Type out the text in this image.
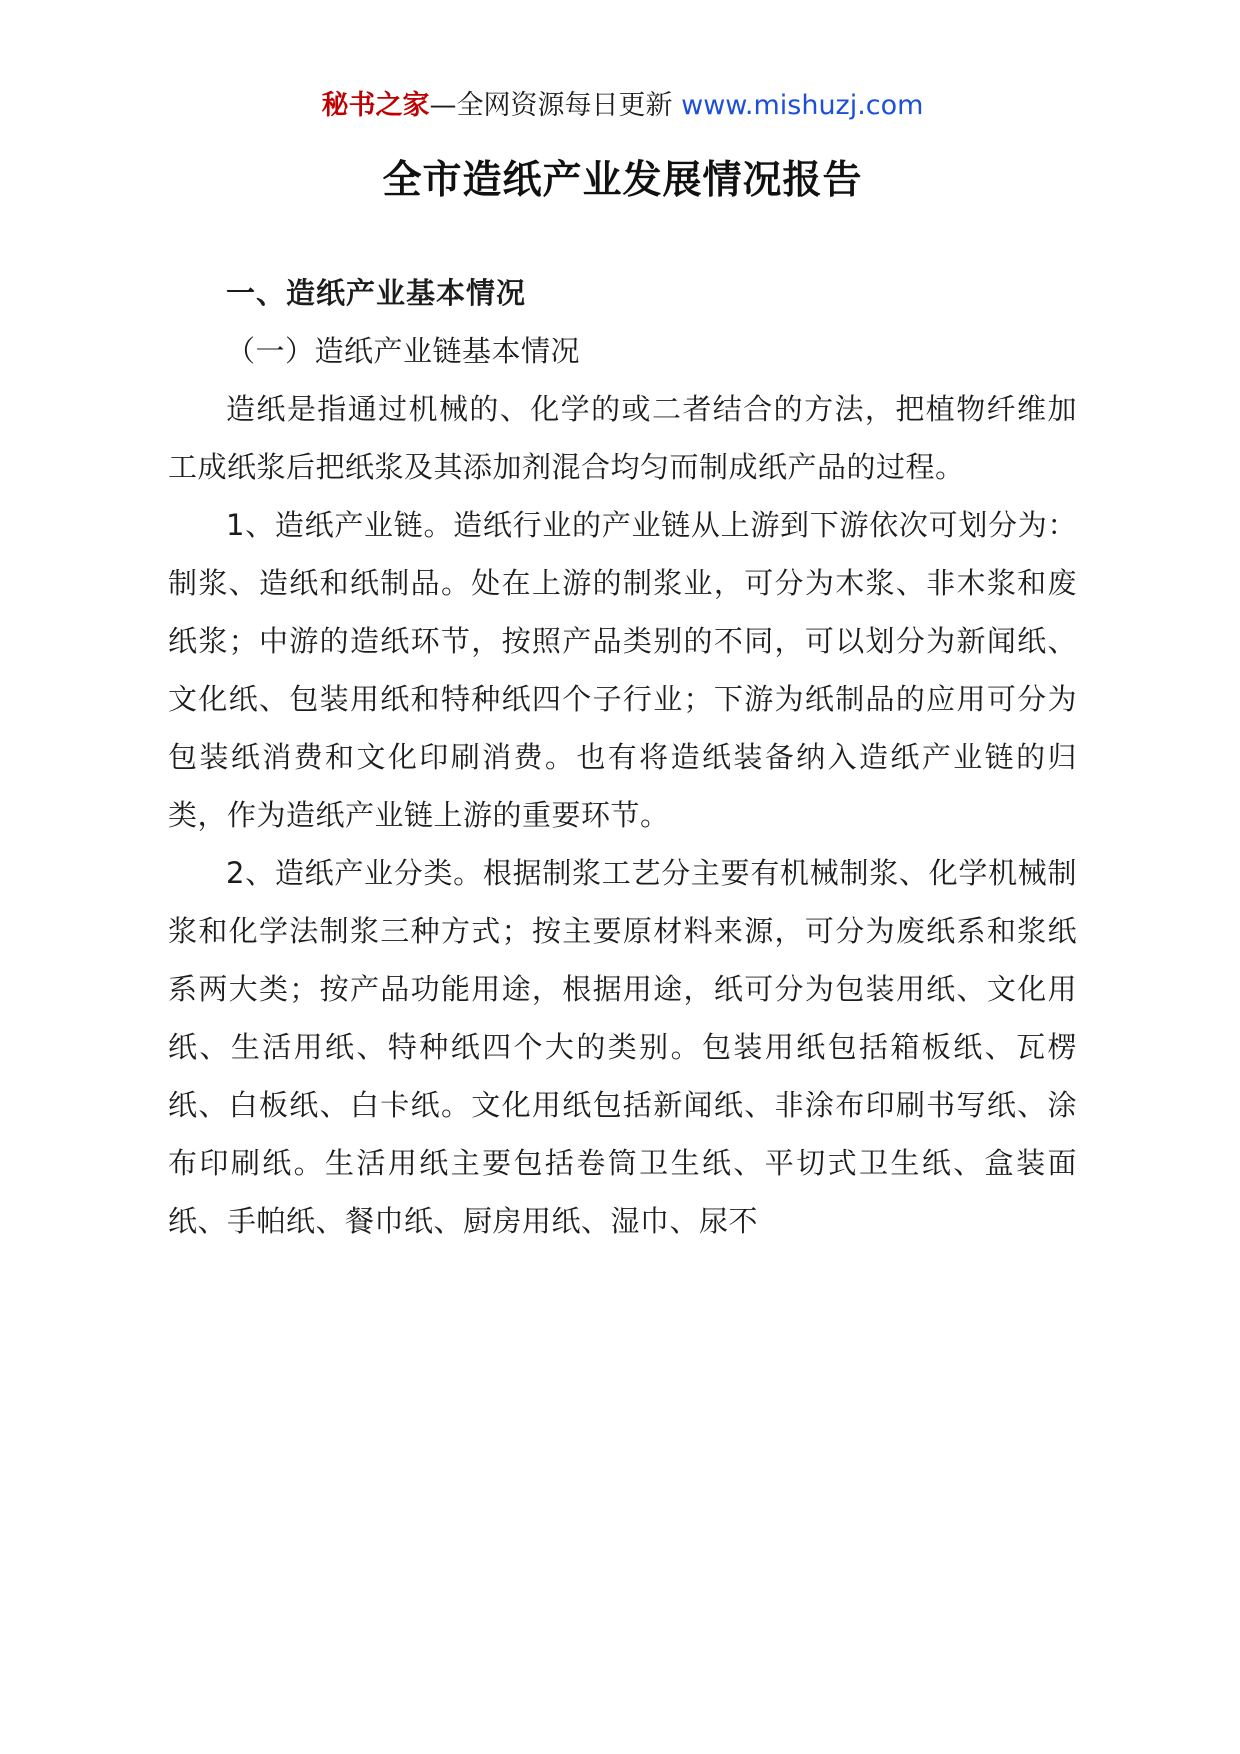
秘书之家—全网资源每日更新 www.mishuzj.com
全市造纸产业发展情况报告

一、造纸产业基本情况

（一）造纸产业链基本情况

造纸是指通过机械的、化学的或二者结合的方法，把植物纤维加工成纸浆后把纸浆及其添加剂混合均匀而制成纸产品的过程。

1、造纸产业链。造纸行业的产业链从上游到下游依次可划分为：制浆、造纸和纸制品。处在上游的制浆业，可分为木浆、非木浆和废纸浆；中游的造纸环节，按照产品类别的不同，可以划分为新闻纸、文化纸、包装用纸和特种纸四个子行业；下游为纸制品的应用可分为包装纸消费和文化印刷消费。也有将造纸装备纳入造纸产业链的归类，作为造纸产业链上游的重要环节。

2、造纸产业分类。根据制浆工艺分主要有机械制浆、化学机械制浆和化学法制浆三种方式；按主要原材料来源，可分为废纸系和浆纸系两大类；按产品功能用途，根据用途，纸可分为包装用纸、文化用纸、生活用纸、特种纸四个大的类别。包装用纸包括箱板纸、瓦楞纸、白板纸、白卡纸。文化用纸包括新闻纸、非涂布印刷书写纸、涂布印刷纸。生活用纸主要包括卷筒卫生纸、平切式卫生纸、盒装面纸、手帕纸、餐巾纸、厨房用纸、湿巾、尿不
